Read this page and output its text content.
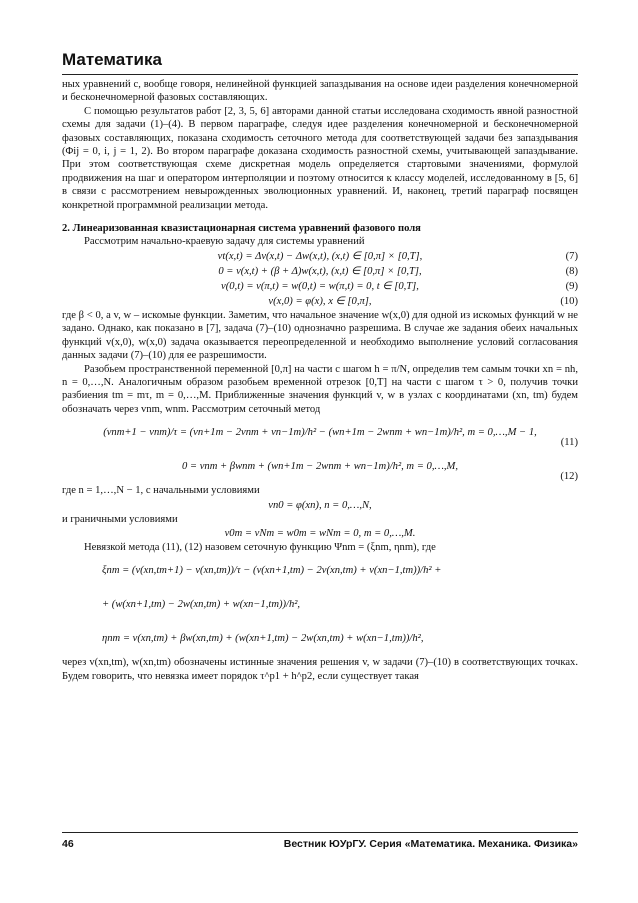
Математика

ных уравнений с, вообще говоря, нелинейной функцией запаздывания на основе идеи разделения конечномерной и бесконечномерной фазовых составляющих.

С помощью результатов работ [2, 3, 5, 6] авторами данной статьи исследована сходимость явной разностной схемы для задачи (1)–(4). В первом параграфе, следуя идее разделения конечномерной и бесконечномерной фазовых составляющих, показана сходимость сеточного метода для соответствующей задачи без запаздывания (Φij = 0, i, j = 1, 2). Во втором параграфе доказана сходимость разностной схемы, учитывающей запаздывание. При этом соответствующая схеме дискретная модель определяется стартовыми значениями, формулой продвижения на шаг и оператором интерполяции и поэтому относится к классу моделей, исследованному в [5, 6] в связи с рассмотрением невырожденных эволюционных уравнений. И, наконец, третий параграф посвящен конкретной программной реализации метода.

2. Линеаризованная квазистационарная система уравнений фазового поля

Рассмотрим начально-краевую задачу для системы уравнений

vt(x,t) = Δv(x,t) − Δw(x,t), (x,t) ∈ [0,π] × [0,T],	(7)
0 = v(x,t) + (β + Δ)w(x,t), (x,t) ∈ [0,π] × [0,T],	(8)
v(0,t) = v(π,t) = w(0,t) = w(π,t) = 0, t ∈ [0,T],	(9)
v(x,0) = φ(x), x ∈ [0,π],	(10)

где β < 0, а v, w – искомые функции. Заметим, что начальное значение w(x,0) для одной из искомых функций w не задано. Однако, как показано в [7], задача (7)–(10) однозначно разрешима. В случае же задания обеих начальных функций v(x,0), w(x,0) задача оказывается переопределенной и необходимо выполнение условий согласования данных задачи (7)–(10) для ее разрешимости.

Разобьем пространственной переменной [0,π] на части с шагом h = π/N, определив тем самым точки xn = nh, n = 0,…,N. Аналогичным образом разобьем временной отрезок [0,T] на части с шагом τ > 0, получив точки разбиения tm = mτ, m = 0,…,M. Приближенные значения функций v, w в узлах с координатами (xn, tm) будем обозначать через vnm, wnm. Рассмотрим сеточный метод

(vnm+1 − vnm)/τ = (vn+1m − 2vnm + vn−1m)/h² − (wn+1m − 2wnm + wn−1m)/h², m = 0,…,M − 1,
(11)
0 = vnm + βwnm + (wn+1m − 2wnm + wn−1m)/h², m = 0,…,M,
(12)

где n = 1,…,N − 1, с начальными условиями

vn0 = φ(xn), n = 0,…,N,

и граничными условиями

v0m = vNm = w0m = wNm = 0, m = 0,…,M.

Невязкой метода (11), (12) назовем сеточную функцию Ψnm = (ξnm, ηnm), где

ξnm = (v(xn,tm+1) − v(xn,tm))/τ − (v(xn+1,tm) − 2v(xn,tm) + v(xn−1,tm))/h² +
+ (w(xn+1,tm) − 2w(xn,tm) + w(xn−1,tm))/h²,
ηnm = v(xn,tm) + βw(xn,tm) + (w(xn+1,tm) − 2w(xn,tm) + w(xn−1,tm))/h²,

через v(xn,tm), w(xn,tm) обозначены истинные значения решения v, w задачи (7)–(10) в соответствующих точках. Будем говорить, что невязка имеет порядок τ^p1 + h^p2, если существует такая

46	Вестник ЮУрГУ. Серия «Математика. Механика. Физика»
